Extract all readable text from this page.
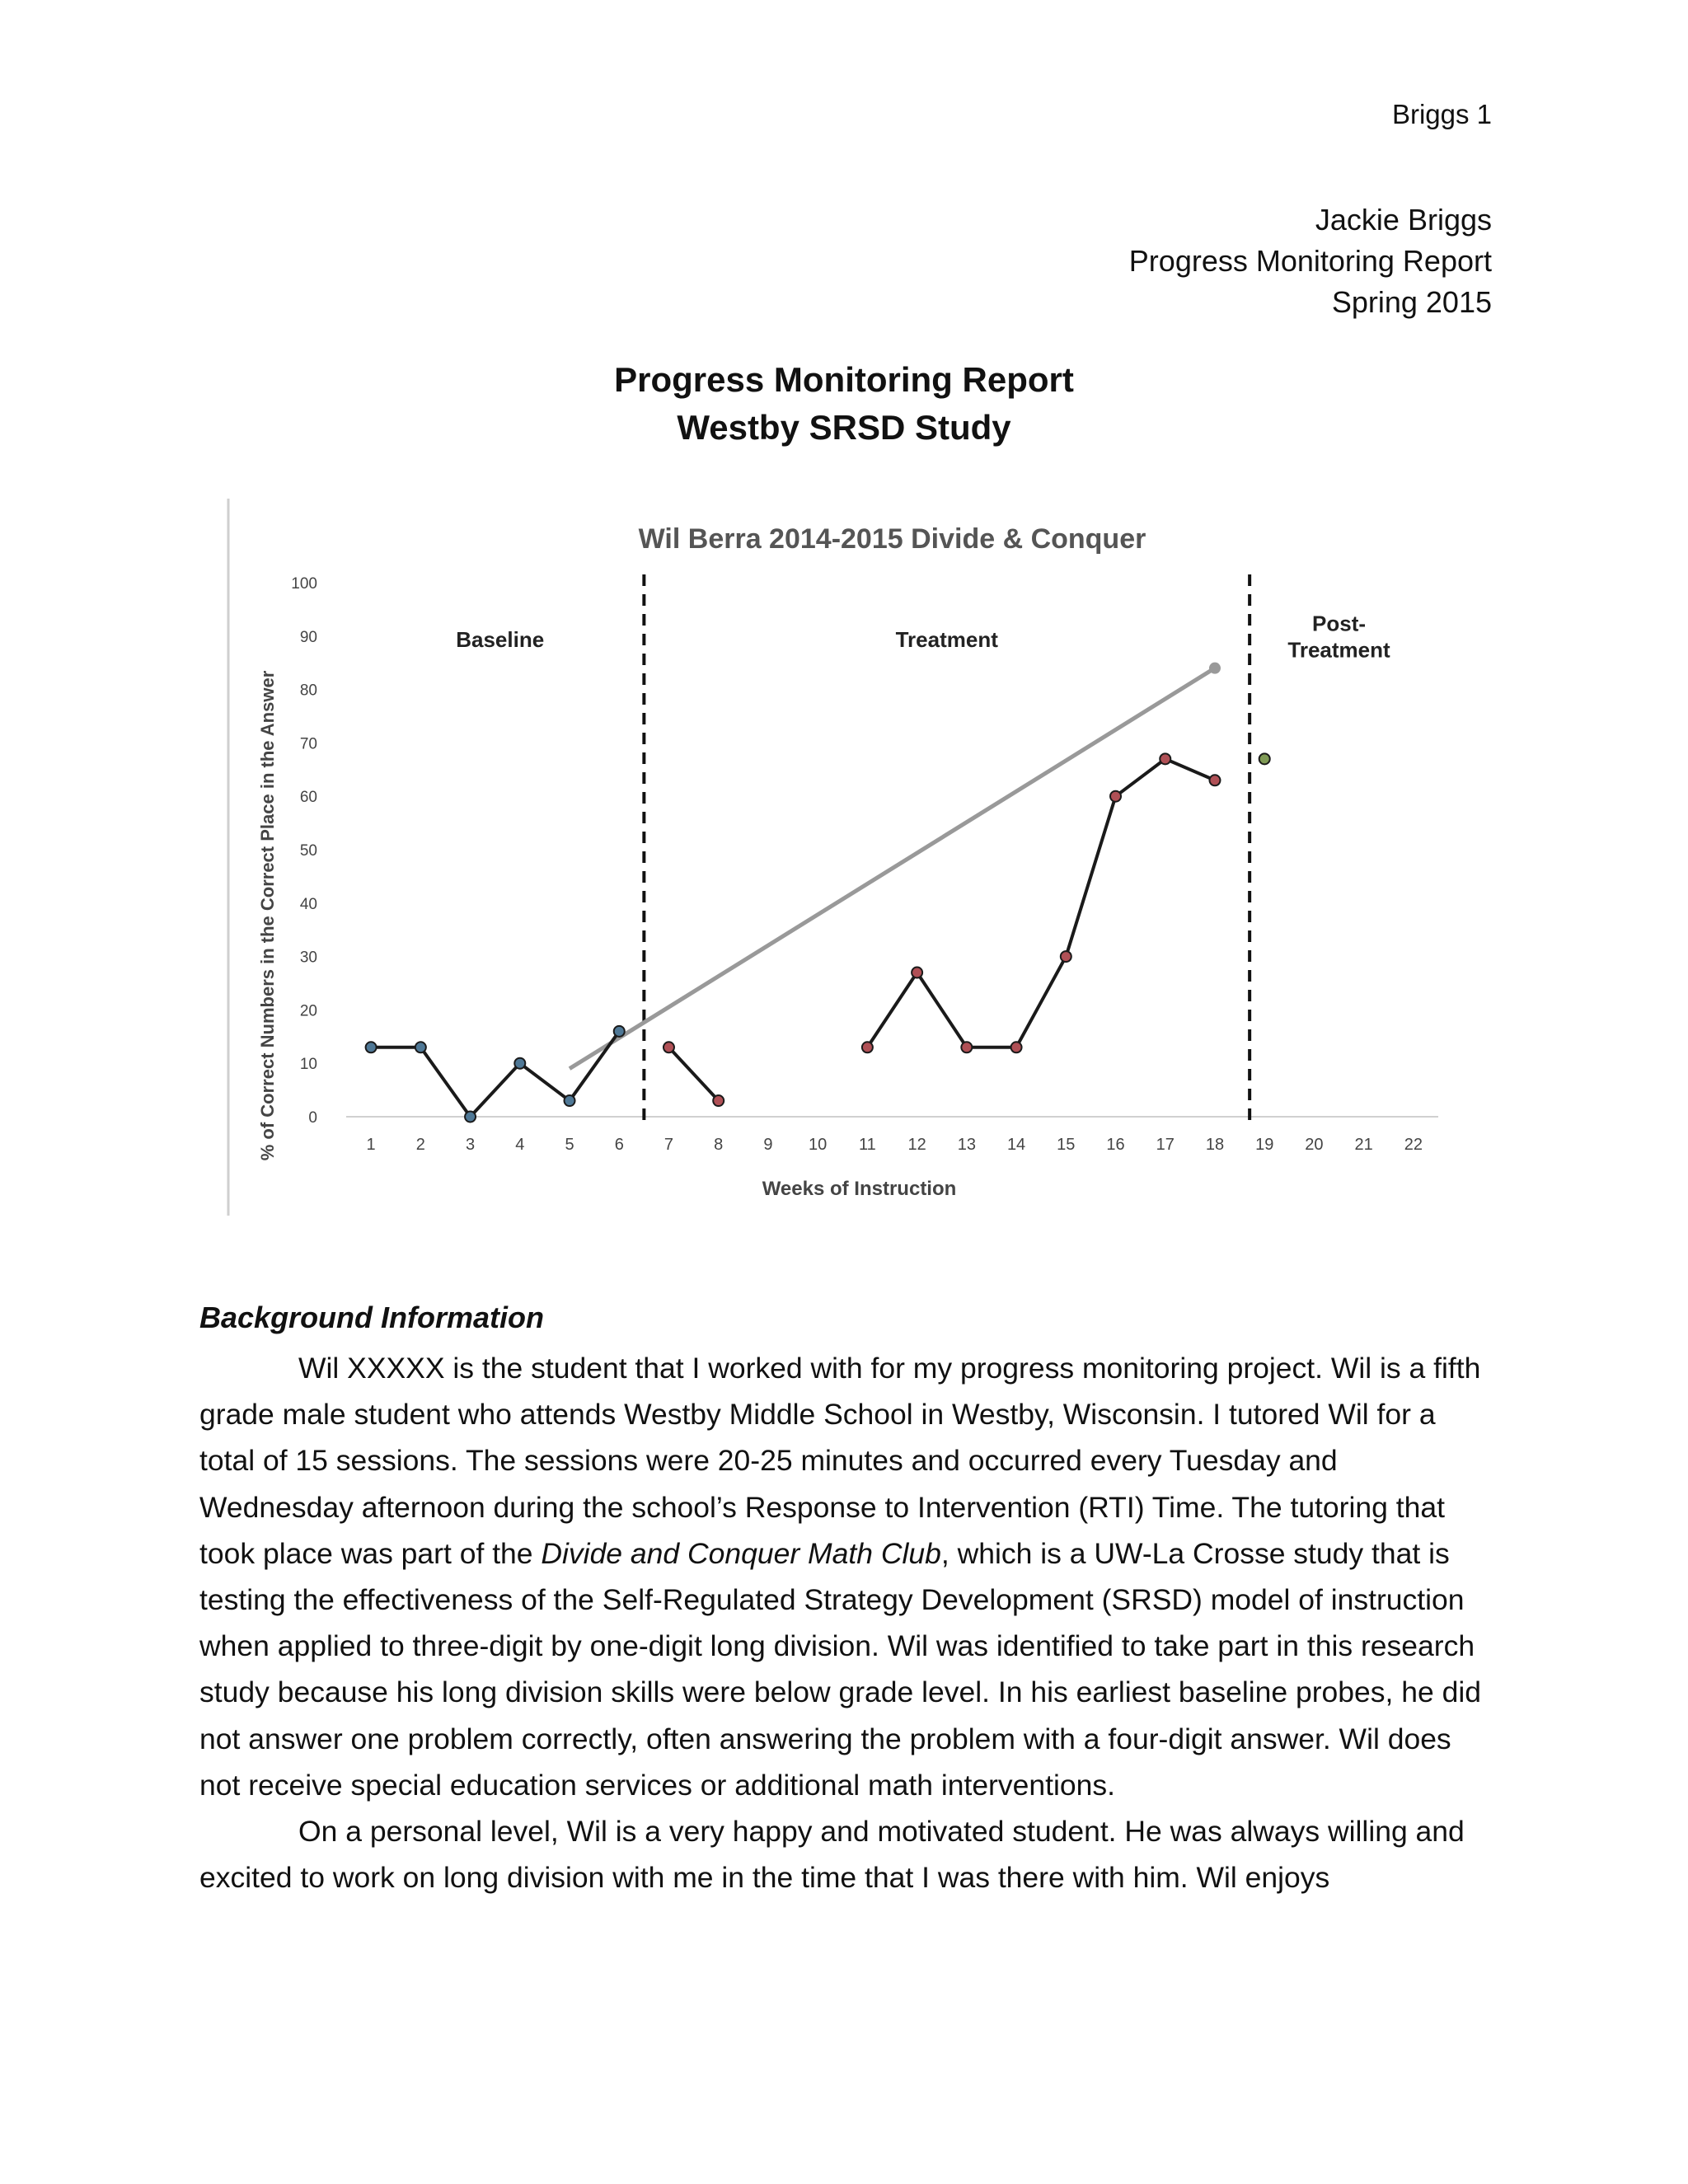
Briggs 1
Jackie Briggs
Progress Monitoring Report
Spring 2015
Progress Monitoring Report
Westby SRSD Study
Wil Berra 2014-2015 Divide & Conquer
0
10
20
30
40
50
60
70
80
90
100
1 2 3 4 5 6 7 8 9 10 11 12 13 14 15 16 17 18 19 20 21 22
Weeks of Instruction
% of Correct Numbers in the Correct Place in the Answer
Baseline	Treatment
Post-Treatment
Background Information

Wil XXXXX is the student that I worked with for my progress monitoring project. Wil is a fifth grade male student who attends Westby Middle School in Westby, Wisconsin. I tutored Wil for a total of 15 sessions. The sessions were 20-25 minutes and occurred every Tuesday and Wednesday afternoon during the school’s Response to Intervention (RTI) Time. The tutoring that took place was part of the Divide and Conquer Math Club, which is a UW-La Crosse study that is testing the effectiveness of the Self-Regulated Strategy Development (SRSD) model of instruction when applied to three-digit by one-digit long division. Wil was identified to take part in this research study because his long division skills were below grade level. In his earliest baseline probes, he did not answer one problem correctly, often answering the problem with a four-digit answer. Wil does not receive special education services or additional math interventions.

On a personal level, Wil is a very happy and motivated student. He was always willing and excited to work on long division with me in the time that I was there with him. Wil enjoys
